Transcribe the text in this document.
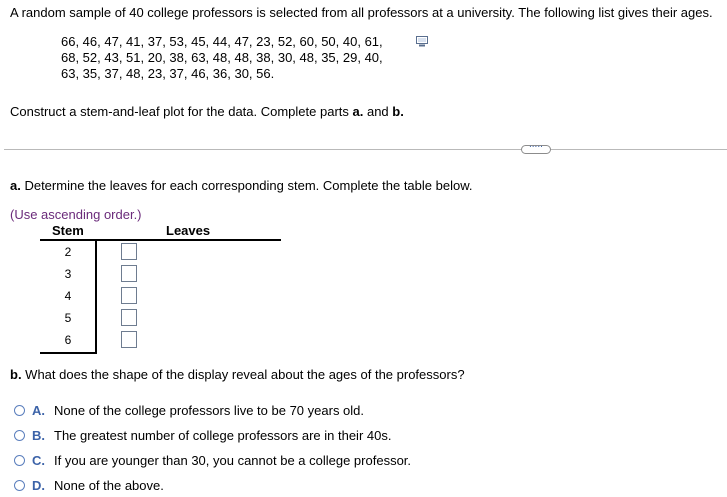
A random sample of 40 college professors is selected from all professors at a university. The following list gives their ages.
66, 46, 47, 41, 37, 53, 45, 44, 47, 23, 52, 60, 50, 40, 61,
68, 52, 43, 51, 20, 38, 63, 48, 48, 38, 30, 48, 35, 29, 40,
63, 35, 37, 48, 23, 37, 46, 36, 30, 56.
Construct a stem-and-leaf plot for the data. Complete parts a. and b.
.....
a. Determine the leaves for each corresponding stem. Complete the table below.
(Use ascending order.)
Stem	Leaves
2
3
4
5
6
b. What does the shape of the display reveal about the ages of the professors?
A. None of the college professors live to be 70 years old.
B. The greatest number of college professors are in their 40s.
C. If you are younger than 30, you cannot be a college professor.
D. None of the above.
